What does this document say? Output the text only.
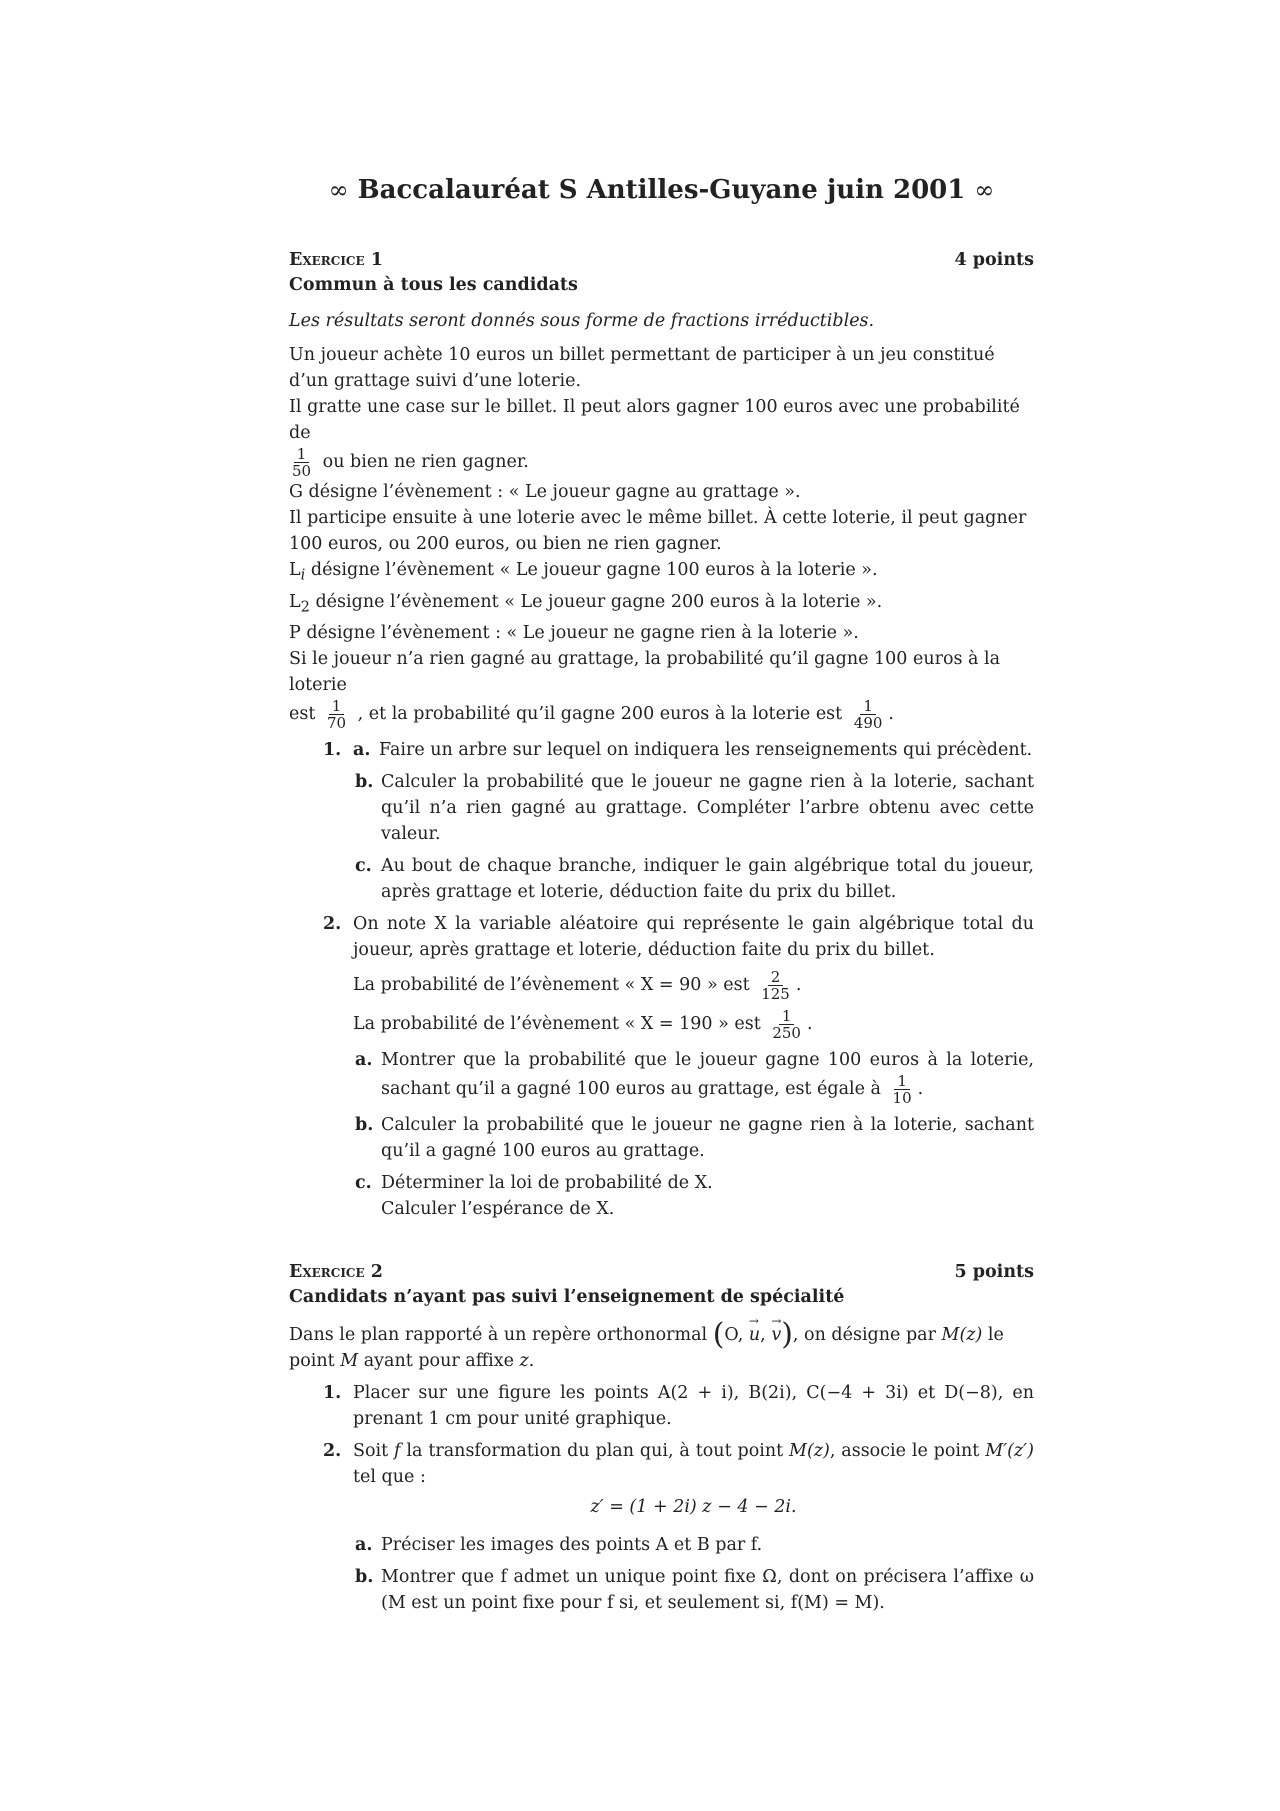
∞ Baccalauréat S Antilles-Guyane juin 2001 ∞
Exercice 1	4 points
Commun à tous les candidats

Les résultats seront donnés sous forme de fractions irréductibles.

Un joueur achète 10 euros un billet permettant de participer à un jeu constitué d’un grattage suivi d’une loterie.

Il gratte une case sur le billet. Il peut alors gagner 100 euros avec une probabilité de

$\frac{1}{50}$ ou bien ne rien gagner.

G désigne l’évènement : « Le joueur gagne au grattage ».

Il participe ensuite à une loterie avec le même billet. À cette loterie, il peut gagner 100 euros, ou 200 euros, ou bien ne rien gagner.

$L_i$ désigne l’évènement « Le joueur gagne 100 euros à la loterie ».

$L_2$ désigne l’évènement « Le joueur gagne 200 euros à la loterie ».

P désigne l’évènement : « Le joueur ne gagne rien à la loterie ».

Si le joueur n’a rien gagné au grattage, la probabilité qu’il gagne 100 euros à la loterie

est $\frac{1}{70}$ , et la probabilité qu’il gagne 200 euros à la loterie est $\frac{1}{490}$ .

1. a. Faire un arbre sur lequel on indiquera les renseignements qui précèdent.
b. Calculer la probabilité que le joueur ne gagne rien à la loterie, sachant qu’il n’a rien gagné au grattage. Compléter l’arbre obtenu avec cette valeur.
c. Au bout de chaque branche, indiquer le gain algébrique total du joueur, après grattage et loterie, déduction faite du prix du billet.
2. On note X la variable aléatoire qui représente le gain algébrique total du joueur, après grattage et loterie, déduction faite du prix du billet.

La probabilité de l’évènement « X = 90 » est $\frac{2}{125}$ .

La probabilité de l’évènement « X = 190 » est $\frac{1}{250}$ .

a. Montrer que la probabilité que le joueur gagne 100 euros à la loterie, sachant qu’il a gagné 100 euros au grattage, est égale à $\frac{1}{10}$ .
b. Calculer la probabilité que le joueur ne gagne rien à la loterie, sachant qu’il a gagné 100 euros au grattage.
c. Déterminer la loi de probabilité de X.
Calculer l’espérance de X.
Exercice 2	5 points
Candidats n’ayant pas suivi l’enseignement de spécialité

Dans le plan rapporté à un repère orthonormal (O, → u, → v), on désigne par M(z) le point M ayant pour affixe z.

1. Placer sur une figure les points A(2 + i), B(2i), C(−4 + 3i) et D(−8), en prenant 1 cm pour unité graphique.
2. Soit f la transformation du plan qui, à tout point M(z), associe le point M′(z′) tel que :

z′ = (1 + 2i) z − 4 − 2i.

a. Préciser les images des points A et B par f.
b. Montrer que f admet un unique point fixe Ω, dont on précisera l’affixe ω (M est un point fixe pour f si, et seulement si, f(M) = M).
